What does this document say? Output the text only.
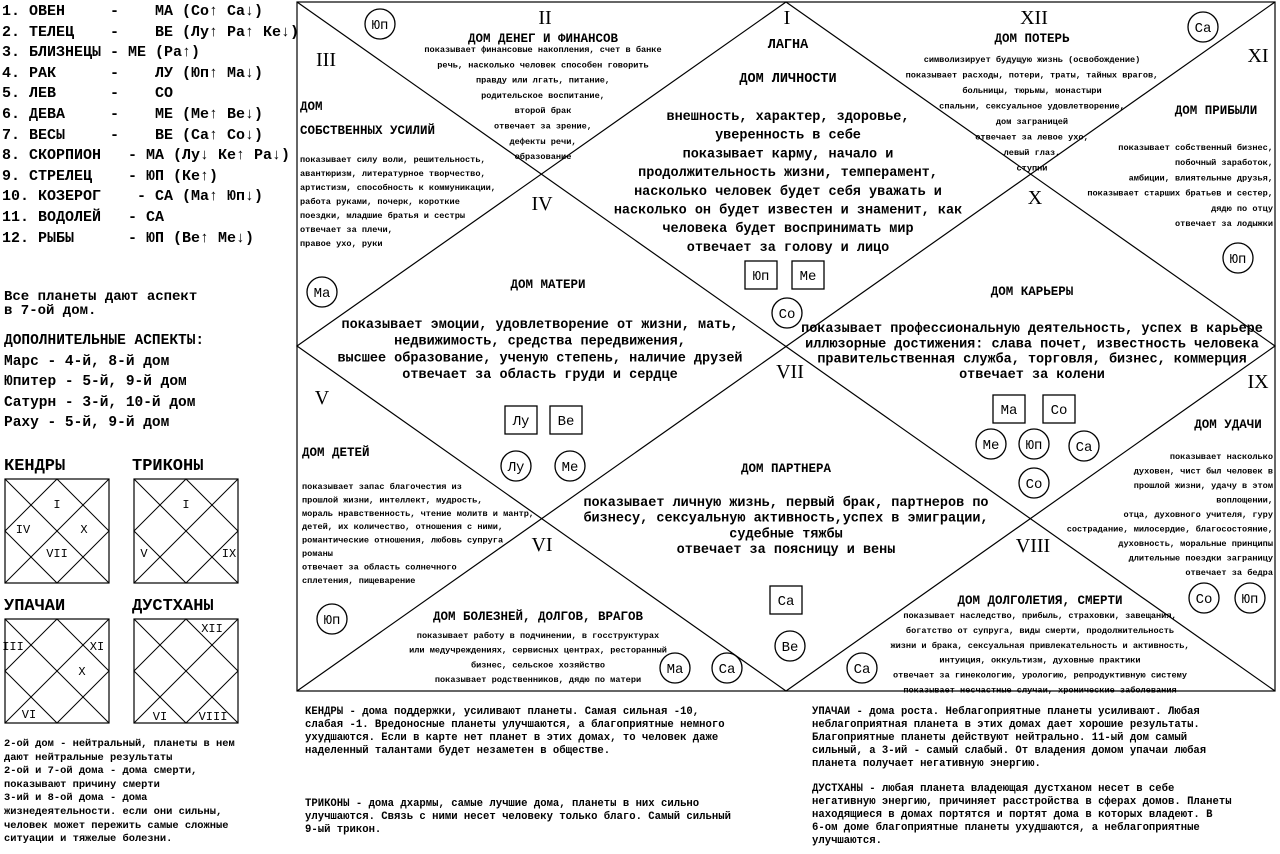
1. ОВЕН     -    МА (Со↑ Са↓)
2. ТЕЛЕЦ    -    ВЕ (Лу↑ Ра↑ Ке↓)
3. БЛИЗНЕЦЫ - МЕ (Ра↑)
4. РАК      -    ЛУ (Юп↑ Ма↓)
5. ЛЕВ      -    СО
6. ДЕВА     -    МЕ (Ме↑ Ве↓)
7. ВЕСЫ     -    ВЕ (Са↑ Со↓)
8. СКОРПИОН   - МА (Лу↓ Ке↑ Ра↓)
9. СТРЕЛЕЦ    - ЮП (Ке↑)
10. КОЗЕРОГ    - СА (Ма↑ Юп↓)
11. ВОДОЛЕЙ   - СА
12. РЫБЫ      - ЮП (Ве↑ Ме↓)
Все планеты дают аспект
в 7-ой дом.
ДОПОЛНИТЕЛЬНЫЕ АСПЕКТЫ:
Марс - 4-й, 8-й дом
Юпитер - 5-й, 9-й дом
Сатурн - 3-й, 10-й дом
Раху - 5-й, 9-й дом
2-ой дом - нейтральный, планеты в нем
дают нейтральные результаты
2-ой и 7-ой дома - дома смерти,
показывают причину смерти
3-ий и 8-ой дома - дома
жизнедеятельности. если они сильны,
человек может пережить самые сложные
ситуации и тяжелые болезни.
КЕНДРЫ - дома поддержки, усиливают планеты. Самая сильная -10,
слабая -1. Вредоносные планеты улучшаются, а благоприятные немного
ухудшаются. Если в карте нет планет в этих домах, то человек даже
наделенный талантами будет незаметен в обществе.
ТРИКОНЫ - дома дхармы, самые лучшие дома, планеты в них сильно
улучшаются. Связь с ними несет человеку только благо. Самый сильный
9-ый трикон.
УПАЧАИ - дома роста. Неблагоприятные планеты усиливают. Любая
неблагоприятная планета в этих домах дает хорошие результаты.
Благоприятные планеты действуют нейтрально. 11-ый дом самый
сильный, а 3-ий - самый слабый. От владения домом упачаи любая
планета получает негативную энергию.
ДУСТХАНЫ - любая планета владеющая дустханом несет в себе
негативную энергию, причиняет расстройства в сферах домов. Планеты
находящиеся в домах портятся и портят дома в которых владеют. В
6-ом доме благоприятные планеты ухудшаются, а неблагоприятные
улучшаются.
КЕНДРЫ	ТРИКОНЫ
УПАЧАИ	ДУСТХАНЫ
I
IV	X
VII
I
V	IX
III	XI
X
VI
XII
VI	VIII
I
II
III
IV
V
VI
VII
VIII
IX
X
XI
XII
ЛАГНА
ДОМ ЛИЧНОСТИ
ДОМ ДЕНЕГ И ФИНАНСОВ
ДОМ
СОБСТВЕННЫХ УСИЛИЙ
ДОМ МАТЕРИ
ДОМ ДЕТЕЙ
ДОМ БОЛЕЗНЕЙ, ДОЛГОВ, ВРАГОВ
ДОМ ПАРТНЕРА
ДОМ ДОЛГОЛЕТИЯ, СМЕРТИ
ДОМ УДАЧИ
ДОМ КАРЬЕРЫ
ДОМ ПРИБЫЛИ
ДОМ ПОТЕРЬ
внешность, характер, здоровье,
уверенность в себе
показывает карму, начало и
продолжительность жизни, темперамент,
насколько человек будет себя уважать и
насколько он будет известен и знаменит, как
человека будет воспринимать мир
отвечает за голову и лицо
показывает финансовые накопления, счет в банке
речь, насколько человек способен говорить
правду или лгать, питание,
родительское воспитание,
второй брак
отвечает за зрение,
дефекты речи,
образование
показывает силу воли, решительность,
авантюризм, литературное творчество,
артистизм, способность к коммуникации,
работа руками, почерк, короткие
поездки, младшие братья и сестры
отвечает за плечи,
правое ухо, руки
показывает эмоции, удовлетворение от жизни, мать,
недвижимость, средства передвижения,
высшее образование, ученую степень, наличие друзей
отвечает за область груди и сердце
показывает запас благочестия из
прошлой жизни, интеллект, мудрость,
мораль нравственность, чтение молитв и мантр,
детей, их количество, отношения с ними,
романтические отношения, любовь супруга
романы
отвечает за область солнечного
сплетения, пищеварение
показывает работу в подчинении, в госструктурах
или медучреждениях, сервисных центрах, ресторанный
бизнес, сельское хозяйство
показывает родственников, дядю по матери
показывает личную жизнь, первый брак, партнеров по
бизнесу, сексуальную активность,успех в эмиграции,
судебные тяжбы
отвечает за поясницу и вены
показывает наследство, прибыль, страховки, завещания,
богатство от супруга, виды смерти, продолжительность
жизни и брака, сексуальная привлекательность и активность,
интуиция, оккультизм, духовные практики
отвечает за гинекологию, урологию, репродуктивную систему
показывает несчастные случаи, хронические заболевания
показывает насколько
духовен, чист был человек в
прошлой жизни, удачу в этом
воплощении,
отца, духовного учителя, гуру
сострадание, милосердие, благосостояние,
духовность, моральные принципы
длительные поездки заграницу
отвечает за бедра
показывает профессиональную деятельность, успех в карьере
иллюзорные достижения: слава почет, известность человека
правительственная служба, торговля, бизнес, коммерция
отвечает за колени
показывает собственный бизнес,
побочный заработок,
амбиции, влиятельные друзья,
показывает старших братьев и сестер,
дядю по отцу
отвечает за лодыжки
символизирует будущую жизнь (освобождение)
показывает расходы, потери, траты, тайных врагов,
больницы, тюрьмы, монастыри
спальни, сексуальное удовлетворение,
дом заграницей
отвечает за левое ухо,
левый глаз,
ступни
Со
Юп
Ма
Лу	Ме
Юп
Ма	Са
Ве
Са
Со Юп
Ме Юп Са
Со
Юп
Са
Юп Ме
Лу Ве
Са
Ма Со
